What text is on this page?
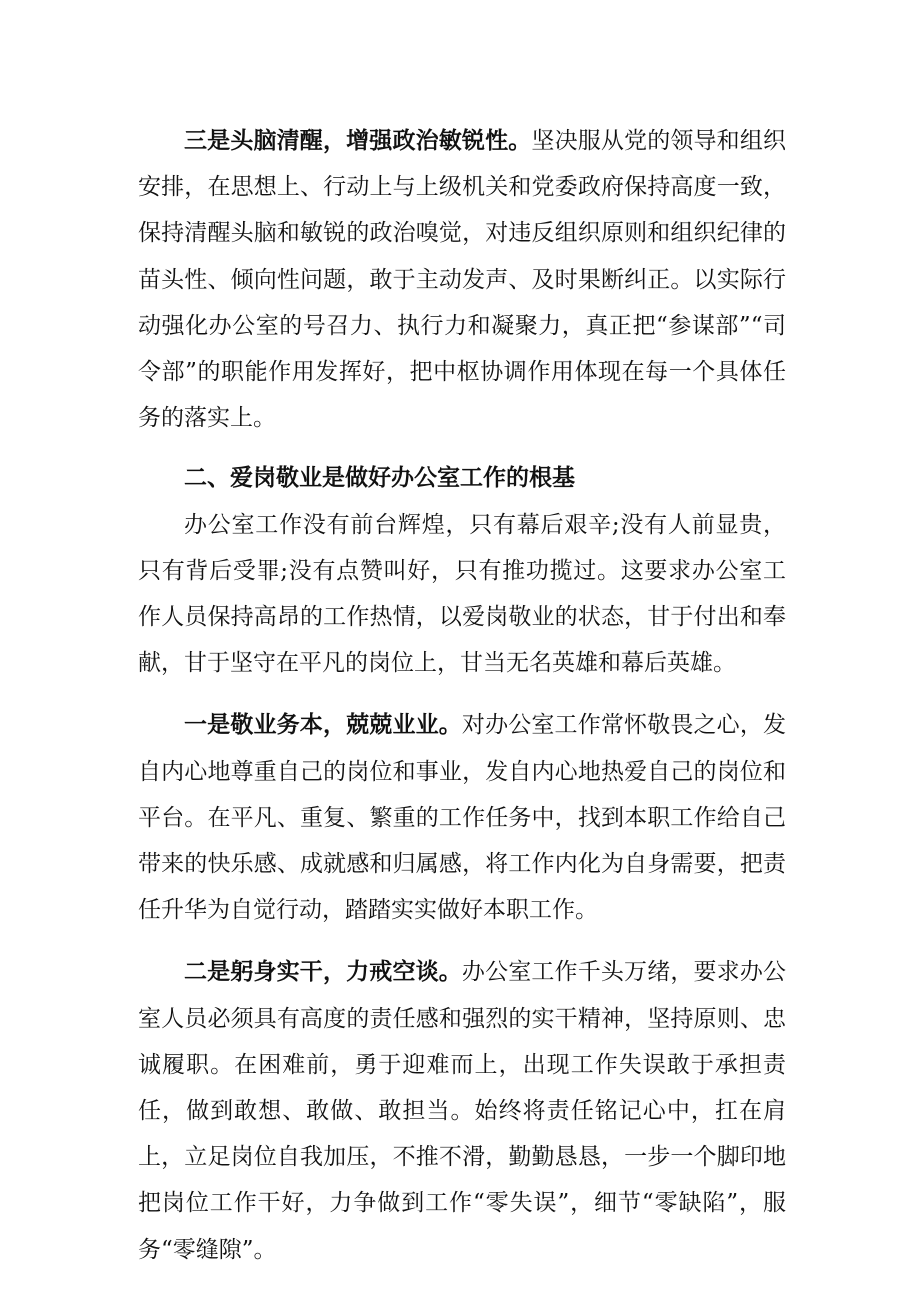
三是头脑清醒，增强政治敏锐性。坚决服从党的领导和组织安排，在思想上、行动上与上级机关和党委政府保持高度一致，保持清醒头脑和敏锐的政治嗅觉，对违反组织原则和组织纪律的苗头性、倾向性问题，敢于主动发声、及时果断纠正。以实际行动强化办公室的号召力、执行力和凝聚力，真正把“参谋部”“司令部”的职能作用发挥好，把中枢协调作用体现在每一个具体任务的落实上。

二、爱岗敬业是做好办公室工作的根基

办公室工作没有前台辉煌，只有幕后艰辛;没有人前显贵，只有背后受罪;没有点赞叫好，只有推功揽过。这要求办公室工作人员保持高昂的工作热情，以爱岗敬业的状态，甘于付出和奉献，甘于坚守在平凡的岗位上，甘当无名英雄和幕后英雄。

一是敬业务本，兢兢业业。对办公室工作常怀敬畏之心，发自内心地尊重自己的岗位和事业，发自内心地热爱自己的岗位和平台。在平凡、重复、繁重的工作任务中，找到本职工作给自己带来的快乐感、成就感和归属感，将工作内化为自身需要，把责任升华为自觉行动，踏踏实实做好本职工作。

二是躬身实干，力戒空谈。办公室工作千头万绪，要求办公室人员必须具有高度的责任感和强烈的实干精神，坚持原则、忠诚履职。在困难前，勇于迎难而上，出现工作失误敢于承担责任，做到敢想、敢做、敢担当。始终将责任铭记心中，扛在肩上，立足岗位自我加压，不推不滑，勤勤恳恳，一步一个脚印地把岗位工作干好，力争做到工作“零失误”，细节“零缺陷”，服务“零缝隙”。
